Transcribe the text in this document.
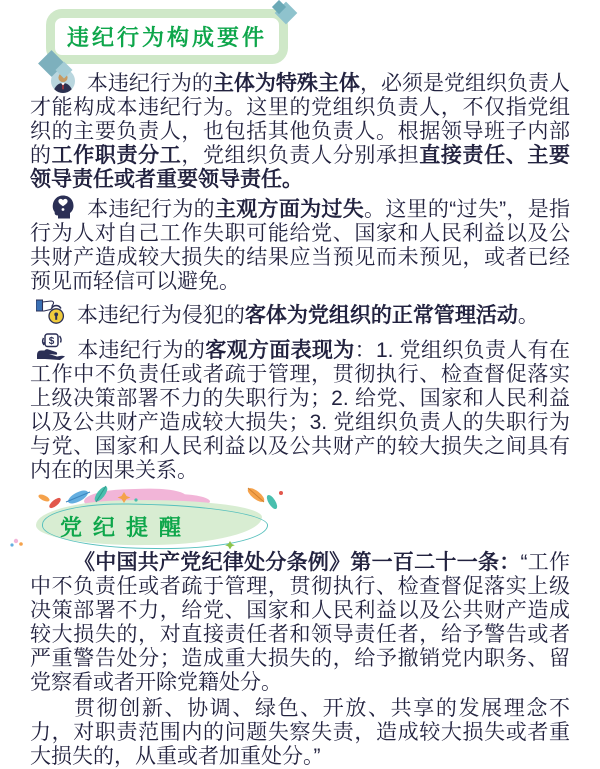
违纪行为构成要件

本违纪行为的主体为特殊主体，必须是党组织负责人才能构成本违纪行为。这里的党组织负责人，不仅指党组织的主要负责人，也包括其他负责人。根据领导班子内部的工作职责分工，党组织负责人分别承担直接责任、主要领导责任或者重要领导责任。

本违纪行为的主观方面为过失。这里的“过失”，是指行为人对自己工作失职可能给党、国家和人民利益以及公共财产造成较大损失的结果应当预见而未预见，或者已经预见而轻信可以避免。

本违纪行为侵犯的客体为党组织的正常管理活动。

$ 本违纪行为的客观方面表现为：1. 党组织负责人有在工作中不负责任或者疏于管理，贯彻执行、检查督促落实上级决策部署不力的失职行为；2. 给党、国家和人民利益以及公共财产造成较大损失；3. 党组织负责人的失职行为与党、国家和人民利益以及公共财产的较大损失之间具有内在的因果关系。

党纪提醒

《中国共产党纪律处分条例》第一百二十一条：“工作中不负责任或者疏于管理，贯彻执行、检查督促落实上级决策部署不力，给党、国家和人民利益以及公共财产造成较大损失的，对直接责任者和领导责任者，给予警告或者严重警告处分；造成重大损失的，给予撤销党内职务、留党察看或者开除党籍处分。

贯彻创新、协调、绿色、开放、共享的发展理念不力，对职责范围内的问题失察失责，造成较大损失或者重大损失的，从重或者加重处分。”
